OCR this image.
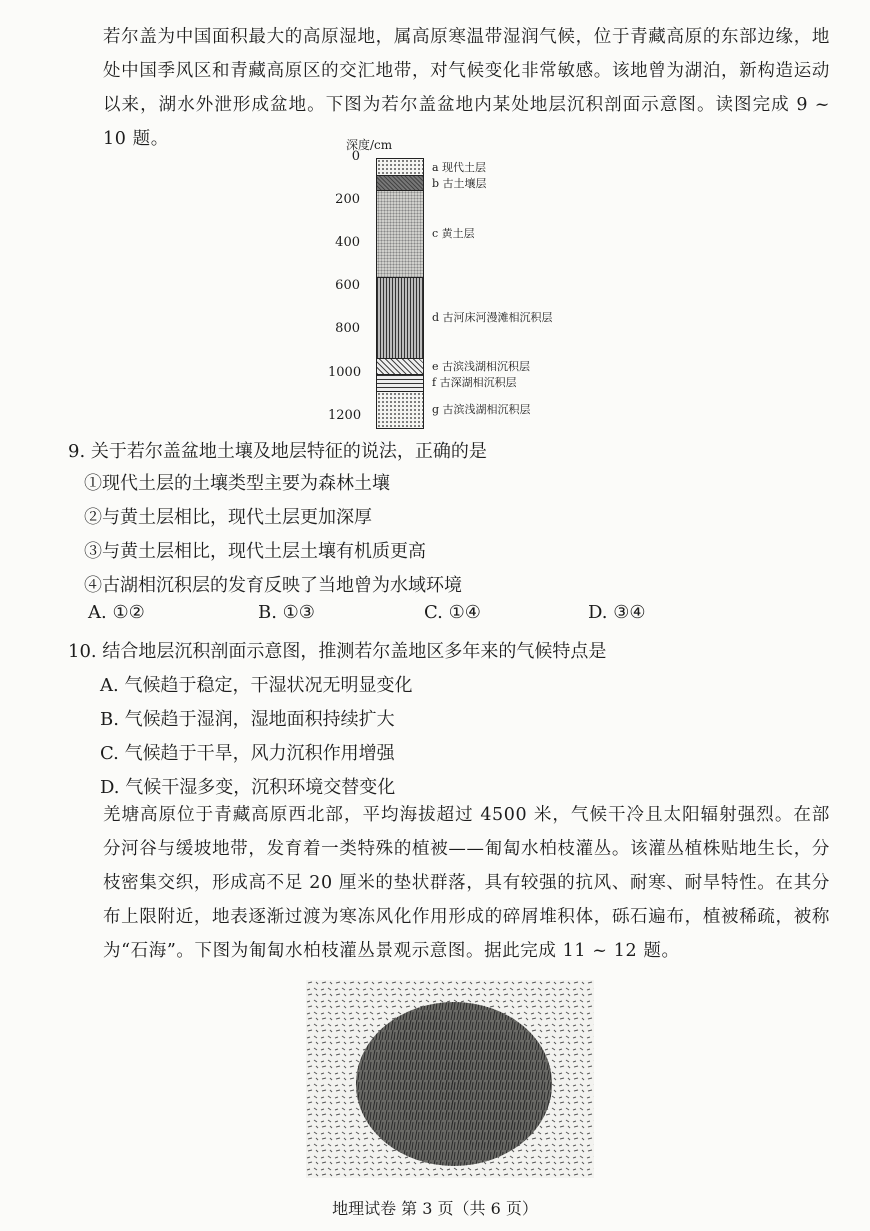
若尔盖为中国面积最大的高原湿地，属高原寒温带湿润气候，位于青藏高原的东部边缘，地处中国季风区和青藏高原区的交汇地带，对气候变化非常敏感。该地曾为湖泊，新构造运动以来，湖水外泄形成盆地。下图为若尔盖盆地内某处地层沉积剖面示意图。读图完成 9 ~ 10 题。	深度/cm
0
200
400
600
800
1000
1200
a 现代土层
b 古土壤层
c 黄土层
d 古河床河漫滩相沉积层
e 古滨浅湖相沉积层
f 古深湖相沉积层
g 古滨浅湖相沉积层
9. 关于若尔盖盆地土壤及地层特征的说法，正确的是
①现代土层的土壤类型主要为森林土壤
②与黄土层相比，现代土层更加深厚
③与黄土层相比，现代土层土壤有机质更高
④古湖相沉积层的发育反映了当地曾为水域环境
A. ①②	B. ①③	C. ①④	D. ③④
10. 结合地层沉积剖面示意图，推测若尔盖地区多年来的气候特点是
A. 气候趋于稳定，干湿状况无明显变化
B. 气候趋于湿润，湿地面积持续扩大
C. 气候趋于干旱，风力沉积作用增强
D. 气候干湿多变，沉积环境交替变化
羌塘高原位于青藏高原西北部，平均海拔超过 4500 米，气候干冷且太阳辐射强烈。在部分河谷与缓坡地带，发育着一类特殊的植被——匍匐水柏枝灌丛。该灌丛植株贴地生长，分枝密集交织，形成高不足 20 厘米的垫状群落，具有较强的抗风、耐寒、耐旱特性。在其分布上限附近，地表逐渐过渡为寒冻风化作用形成的碎屑堆积体，砾石遍布，植被稀疏，被称为“石海”。下图为匍匐水柏枝灌丛景观示意图。据此完成 11 ~ 12 题。
地理试卷 第 3 页（共 6 页）
